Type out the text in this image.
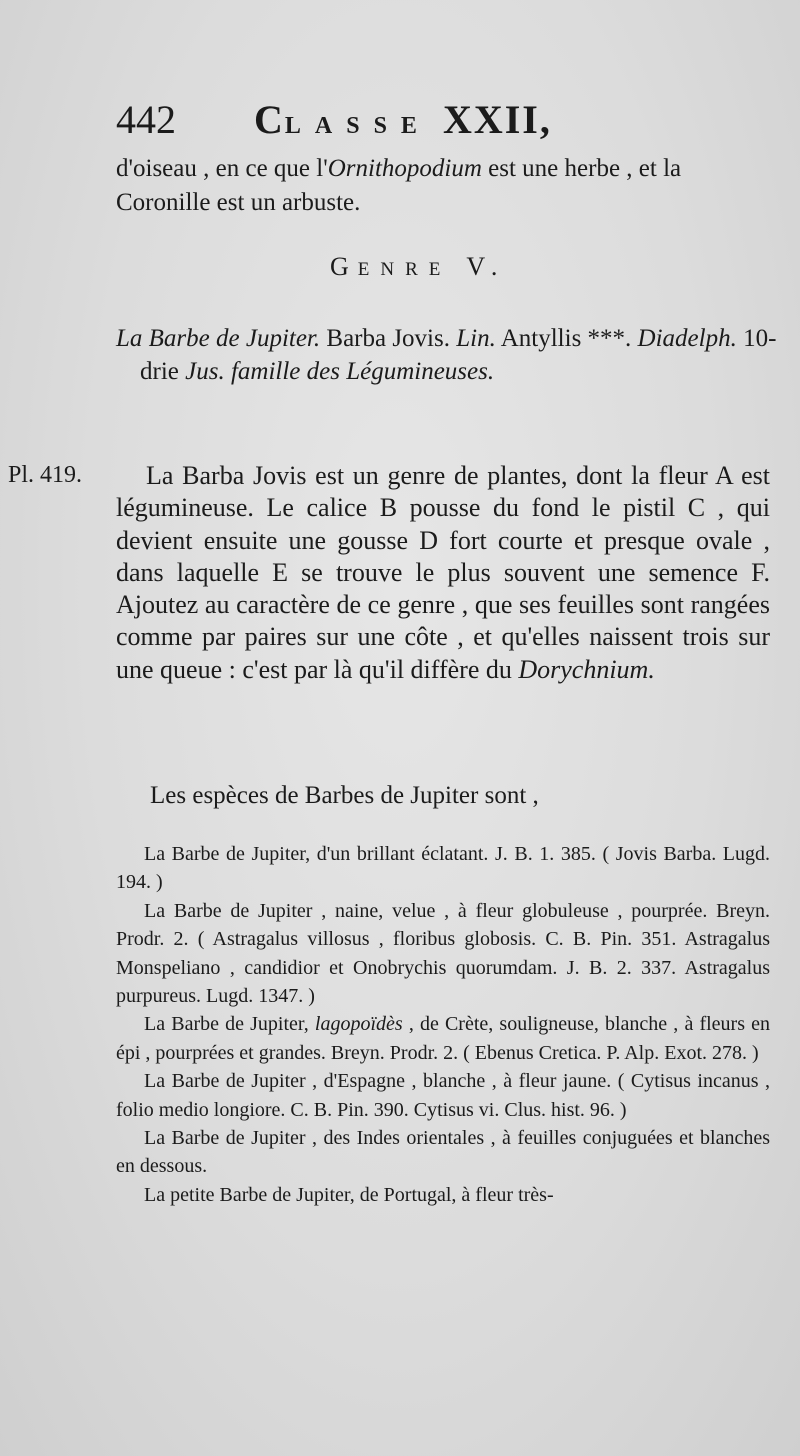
442 CLASSE XXII,
d'oiseau , en ce que l'Ornithopodium est une herbe , et la Coronille est un arbuste.
GENRE V.
La Barbe de Jupiter. Barba Jovis. Lin. Antyllis ***. Diadelph. 10-drie Jus. famille des Légumineuses.
Pl. 419.	La Barba Jovis est un genre de plantes, dont la fleur A est légumineuse. Le calice B pousse du fond le pistil C , qui devient ensuite une gousse D fort courte et presque ovale , dans laquelle E se trouve le plus souvent une semence F. Ajoutez au caractère de ce genre , que ses feuilles sont rangées comme par paires sur une côte , et qu'elles naissent trois sur une queue : c'est par là qu'il diffère du Dorychnium.
Les espèces de Barbes de Jupiter sont ,

La Barbe de Jupiter, d'un brillant éclatant. J. B. 1. 385. ( Jovis Barba. Lugd. 194. )

La Barbe de Jupiter , naine, velue , à fleur globuleuse , pourprée. Breyn. Prodr. 2. ( Astragalus villosus , floribus globosis. C. B. Pin. 351. Astragalus Monspeliano , candidior et Onobrychis quorumdam. J. B. 2. 337. Astragalus purpureus. Lugd. 1347. )

La Barbe de Jupiter, lagopoïdès , de Crète, souligneuse, blanche , à fleurs en épi , pourprées et grandes. Breyn. Prodr. 2. ( Ebenus Cretica. P. Alp. Exot. 278. )

La Barbe de Jupiter , d'Espagne , blanche , à fleur jaune. ( Cytisus incanus , folio medio longiore. C. B. Pin. 390. Cytisus vi. Clus. hist. 96. )

La Barbe de Jupiter , des Indes orientales , à feuilles conjuguées et blanches en dessous.

La petite Barbe de Jupiter, de Portugal, à fleur très-
